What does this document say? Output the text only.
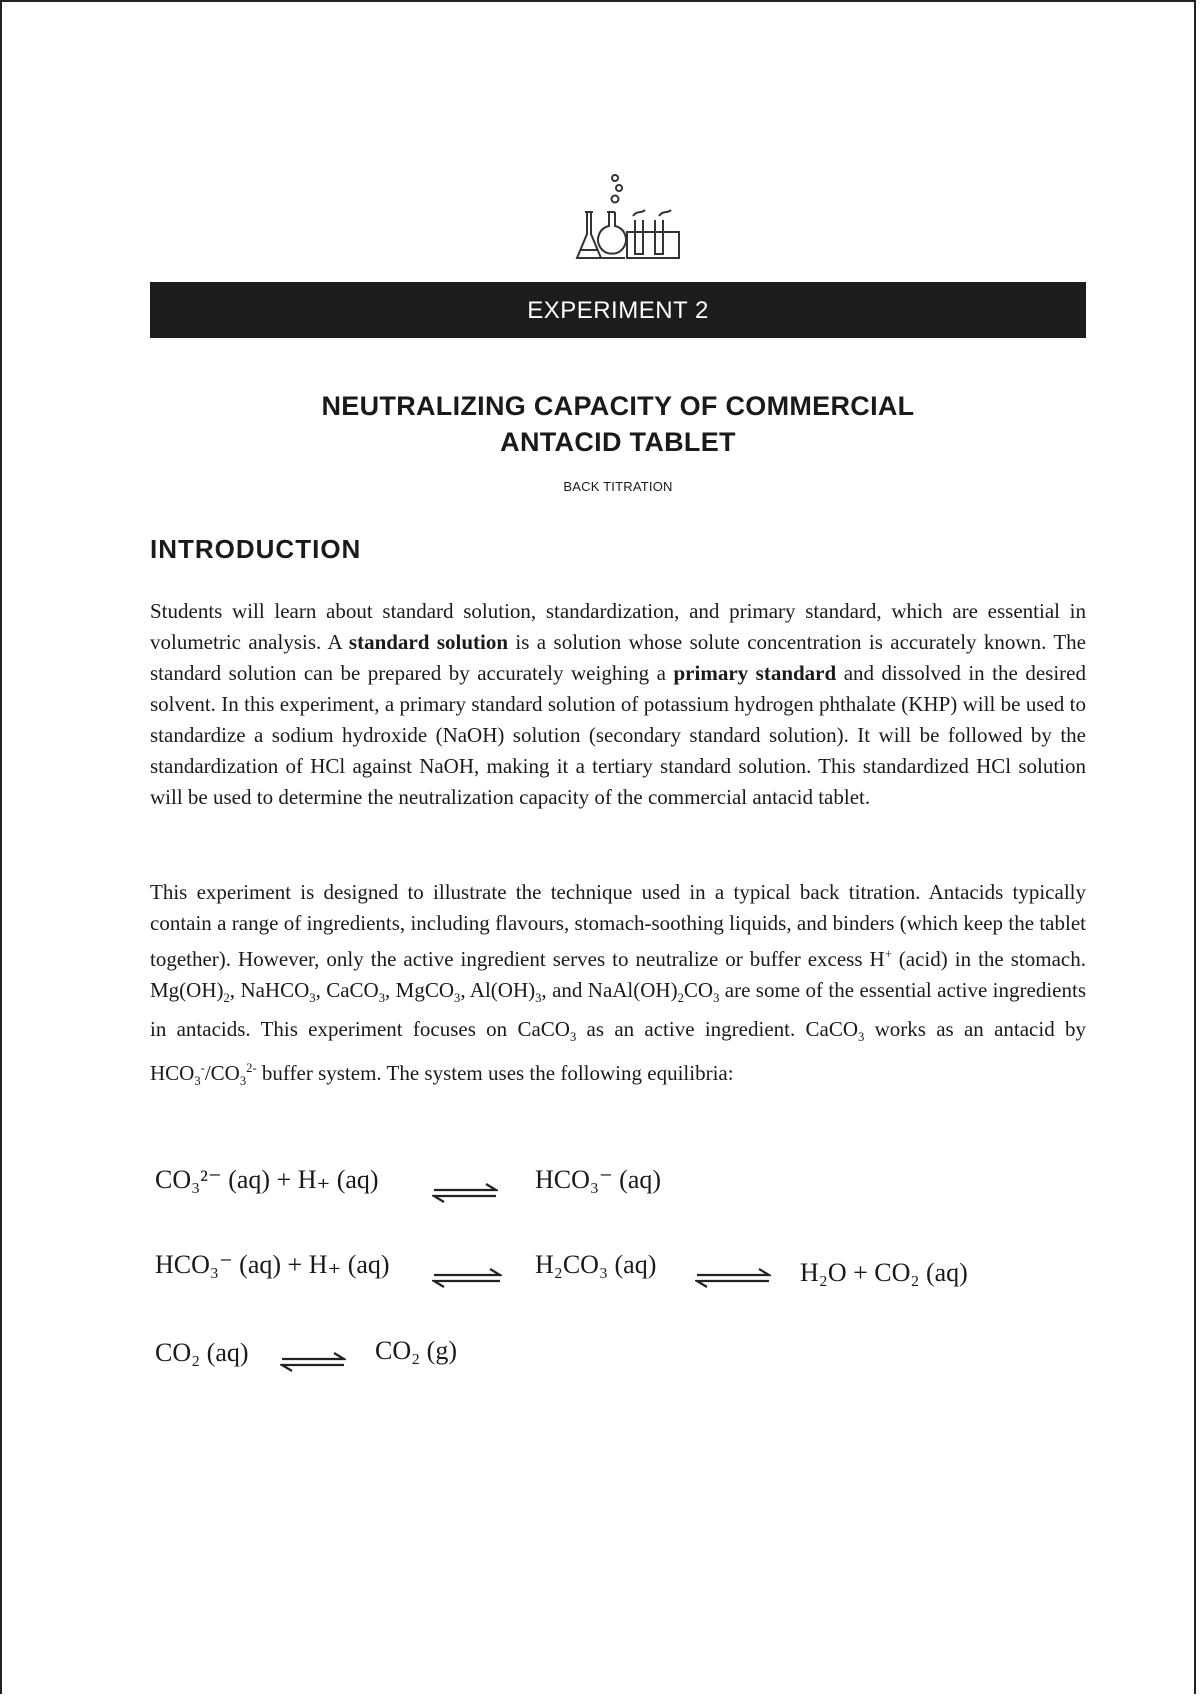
EXPERIMENT 2
NEUTRALIZING CAPACITY OF COMMERCIAL
ANTACID TABLET
BACK TITRATION
INTRODUCTION

Students will learn about standard solution, standardization, and primary standard, which are essential in volumetric analysis. A standard solution is a solution whose solute concentration is accurately known. The standard solution can be prepared by accurately weighing a primary standard and dissolved in the desired solvent. In this experiment, a primary standard solution of potassium hydrogen phthalate (KHP) will be used to standardize a sodium hydroxide (NaOH) solution (secondary standard solution). It will be followed by the standardization of HCl against NaOH, making it a tertiary standard solution. This standardized HCl solution will be used to determine the neutralization capacity of the commercial antacid tablet.

This experiment is designed to illustrate the technique used in a typical back titration. Antacids typically contain a range of ingredients, including flavours, stomach-soothing liquids, and binders (which keep the tablet together). However, only the active ingredient serves to neutralize or buffer excess H+ (acid) in the stomach. $Mg(OH)_2$, NaHCO$_3$, CaCO$_3$, MgCO$_3$, $Al(OH)_3$, and $NaAl(OH)_2CO_3$ are some of the essential active ingredients in antacids. This experiment focuses on CaCO$_3$ as an active ingredient. CaCO$_3$ works as an antacid by $HCO_3^-/CO_3^{2-}$ buffer system. The system uses the following equilibria:

CO₃²⁻ (aq) + H₊ (aq)	HCO₃⁻ (aq)
HCO₃⁻ (aq) + H₊ (aq)	H₂CO₃ (aq)	H₂O + CO₂ (aq)
CO₂ (aq)	CO₂ (g)
